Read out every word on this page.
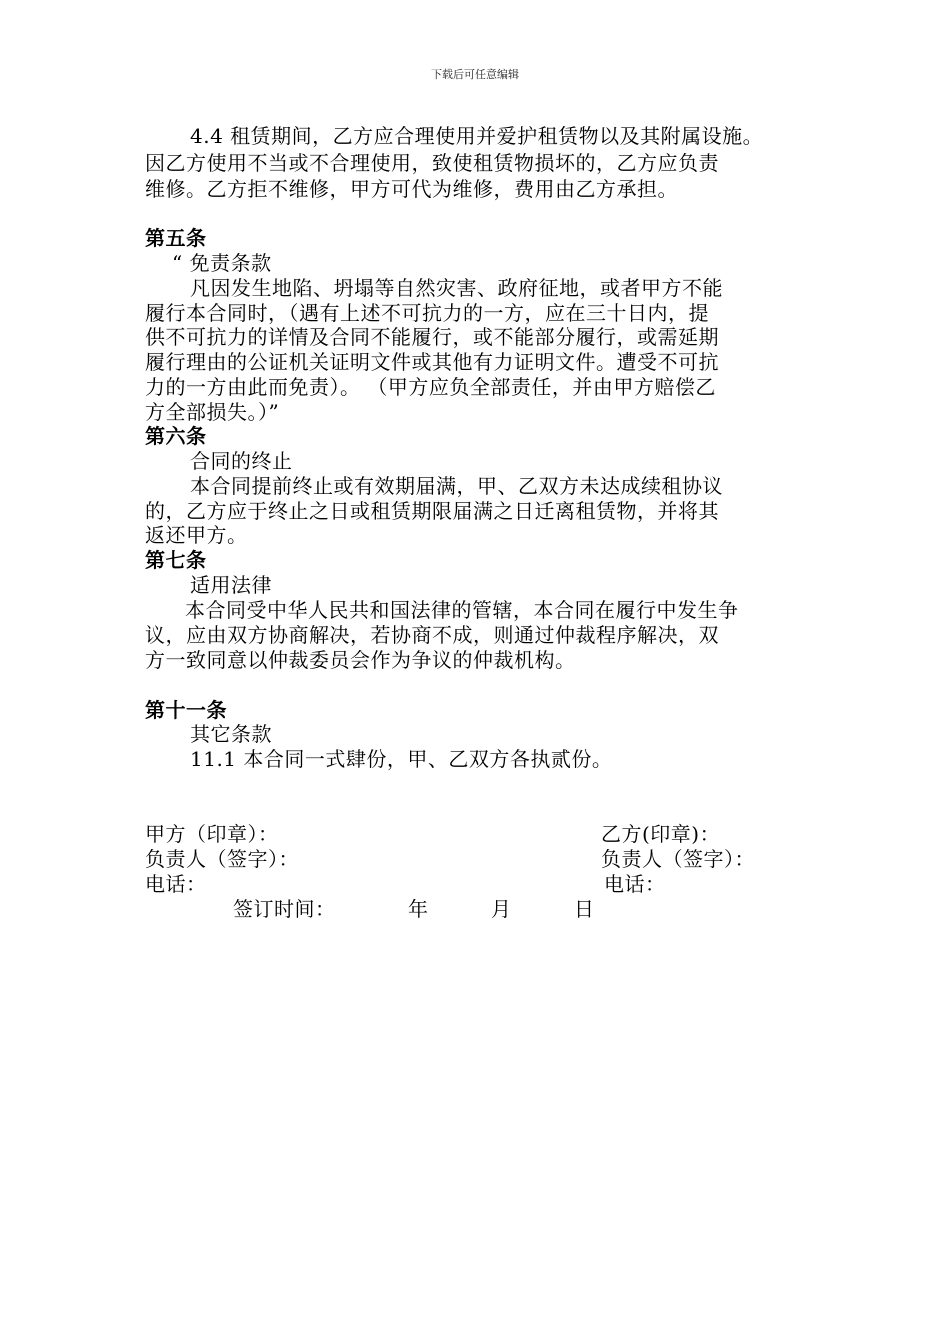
下载后可任意编辑
4.4 租赁期间，乙方应合理使用并爱护租赁物以及其附属设施。
因乙方使用不当或不合理使用，致使租赁物损坏的，乙方应负责
维修。乙方拒不维修，甲方可代为维修，费用由乙方承担。
第五条
“ 免责条款
凡因发生地陷、坍塌等自然灾害、政府征地，或者甲方不能
履行本合同时，（遇有上述不可抗力的一方，应在三十日内，提
供不可抗力的详情及合同不能履行，或不能部分履行，或需延期
履行理由的公证机关证明文件或其他有力证明文件。遭受不可抗
力的一方由此而免责）。 （甲方应负全部责任，并由甲方赔偿乙
方全部损失。）”
第六条
合同的终止
本合同提前终止或有效期届满，甲、乙双方未达成续租协议
的，乙方应于终止之日或租赁期限届满之日迁离租赁物，并将其
返还甲方。
第七条
适用法律
本合同受中华人民共和国法律的管辖，本合同在履行中发生争
议，应由双方协商解决，若协商不成，则通过仲裁程序解决，双
方一致同意以仲裁委员会作为争议的仲裁机构。
第十一条
其它条款
11.1 本合同一式肆份，甲、乙双方各执贰份。
甲方（印章）：	乙方(印章)：
负责人（签字）：	负责人（签字）：
电话：	电话：
签订时间：	年	月	日
